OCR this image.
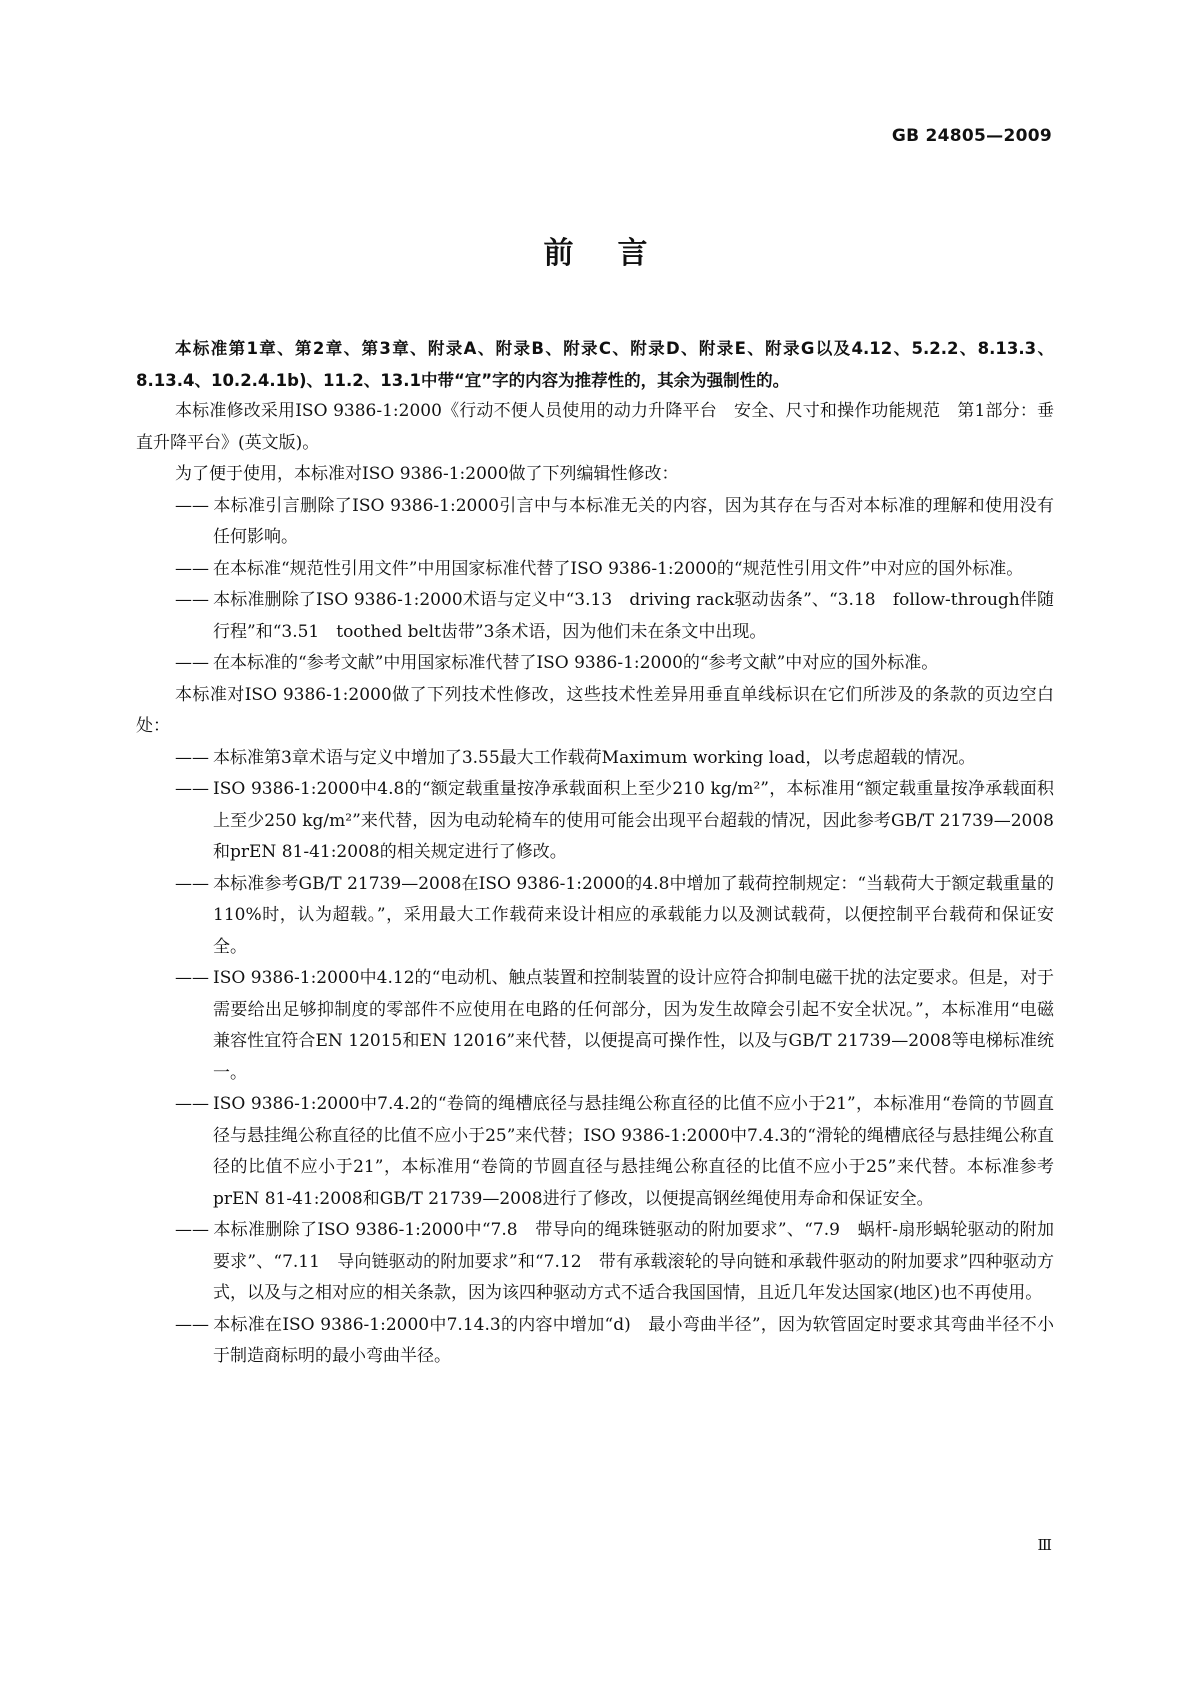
GB 24805—2009
前言

本标准第1章、第2章、第3章、附录A、附录B、附录C、附录D、附录E、附录G以及4.12、5.2.2、8.13.3、8.13.4、10.2.4.1b)、11.2、13.1中带“宜”字的内容为推荐性的，其余为强制性的。

本标准修改采用ISO 9386-1:2000《行动不便人员使用的动力升降平台　安全、尺寸和操作功能规范　第1部分：垂直升降平台》(英文版)。

为了便于使用，本标准对ISO 9386-1:2000做了下列编辑性修改：

—— 本标准引言删除了ISO 9386-1:2000引言中与本标准无关的内容，因为其存在与否对本标准的理解和使用没有任何影响。

—— 在本标准“规范性引用文件”中用国家标准代替了ISO 9386-1:2000的“规范性引用文件”中对应的国外标准。

—— 本标准删除了ISO 9386-1:2000术语与定义中“3.13　driving rack驱动齿条”、“3.18　follow-through伴随行程”和“3.51　toothed belt齿带”3条术语，因为他们未在条文中出现。

—— 在本标准的“参考文献”中用国家标准代替了ISO 9386-1:2000的“参考文献”中对应的国外标准。

本标准对ISO 9386-1:2000做了下列技术性修改，这些技术性差异用垂直单线标识在它们所涉及的条款的页边空白处：

—— 本标准第3章术语与定义中增加了3.55最大工作载荷Maximum working load，以考虑超载的情况。

—— ISO 9386-1:2000中4.8的“额定载重量按净承载面积上至少210 kg/m²”，本标准用“额定载重量按净承载面积上至少250 kg/m²”来代替，因为电动轮椅车的使用可能会出现平台超载的情况，因此参考GB/T 21739—2008和prEN 81-41:2008的相关规定进行了修改。

—— 本标准参考GB/T 21739—2008在ISO 9386-1:2000的4.8中增加了载荷控制规定：“当载荷大于额定载重量的110%时，认为超载。”，采用最大工作载荷来设计相应的承载能力以及测试载荷，以便控制平台载荷和保证安全。

—— ISO 9386-1:2000中4.12的“电动机、触点装置和控制装置的设计应符合抑制电磁干扰的法定要求。但是，对于需要给出足够抑制度的零部件不应使用在电路的任何部分，因为发生故障会引起不安全状况。”，本标准用“电磁兼容性宜符合EN 12015和EN 12016”来代替，以便提高可操作性，以及与GB/T 21739—2008等电梯标准统一。

—— ISO 9386-1:2000中7.4.2的“卷筒的绳槽底径与悬挂绳公称直径的比值不应小于21”，本标准用“卷筒的节圆直径与悬挂绳公称直径的比值不应小于25”来代替；ISO 9386-1:2000中7.4.3的“滑轮的绳槽底径与悬挂绳公称直径的比值不应小于21”，本标准用“卷筒的节圆直径与悬挂绳公称直径的比值不应小于25”来代替。本标准参考prEN 81-41:2008和GB/T 21739—2008进行了修改，以便提高钢丝绳使用寿命和保证安全。

—— 本标准删除了ISO 9386-1:2000中“7.8　带导向的绳珠链驱动的附加要求”、“7.9　蜗杆-扇形蜗轮驱动的附加要求”、“7.11　导向链驱动的附加要求”和“7.12　带有承载滚轮的导向链和承载件驱动的附加要求”四种驱动方式，以及与之相对应的相关条款，因为该四种驱动方式不适合我国国情，且近几年发达国家(地区)也不再使用。

—— 本标准在ISO 9386-1:2000中7.14.3的内容中增加“d)　最小弯曲半径”，因为软管固定时要求其弯曲半径不小于制造商标明的最小弯曲半径。

Ⅲ
